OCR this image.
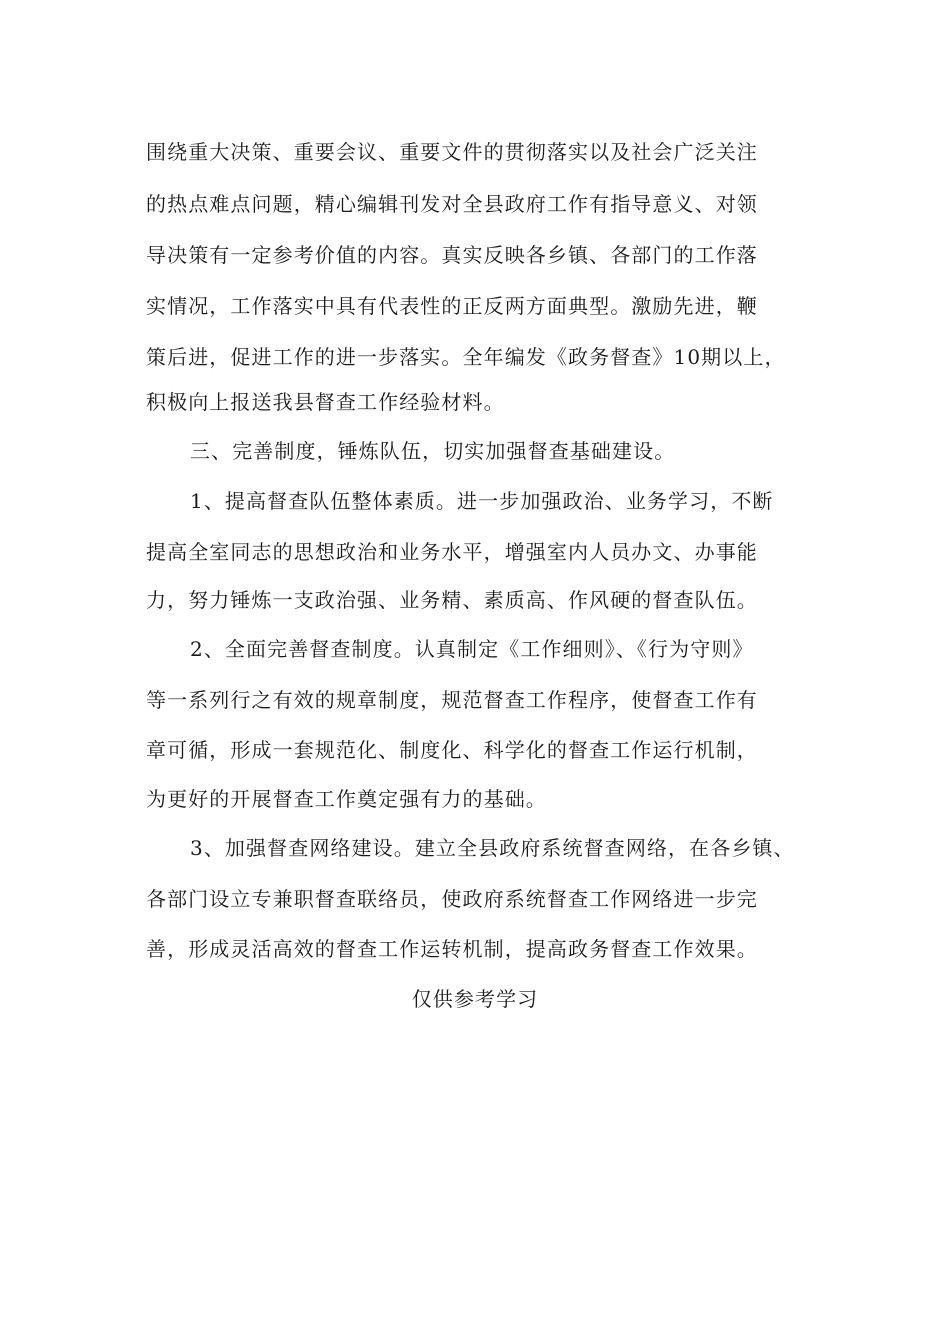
围绕重大决策、重要会议、重要文件的贯彻落实以及社会广泛关注
的热点难点问题，精心编辑刊发对全县政府工作有指导意义、对领
导决策有一定参考价值的内容。真实反映各乡镇、各部门的工作落
实情况，工作落实中具有代表性的正反两方面典型。激励先进，鞭
策后进，促进工作的进一步落实。全年编发《政务督查》10期以上，
积极向上报送我县督查工作经验材料。
三、完善制度，锤炼队伍，切实加强督查基础建设。
1、提高督查队伍整体素质。进一步加强政治、业务学习，不断
提高全室同志的思想政治和业务水平，增强室内人员办文、办事能
力，努力锤炼一支政治强、业务精、素质高、作风硬的督查队伍。
2、全面完善督查制度。认真制定《工作细则》、《行为守则》
等一系列行之有效的规章制度，规范督查工作程序，使督查工作有
章可循，形成一套规范化、制度化、科学化的督查工作运行机制，
为更好的开展督查工作奠定强有力的基础。
3、加强督查网络建设。建立全县政府系统督查网络，在各乡镇、
各部门设立专兼职督查联络员，使政府系统督查工作网络进一步完
善，形成灵活高效的督查工作运转机制，提高政务督查工作效果。
仅供参考学习
